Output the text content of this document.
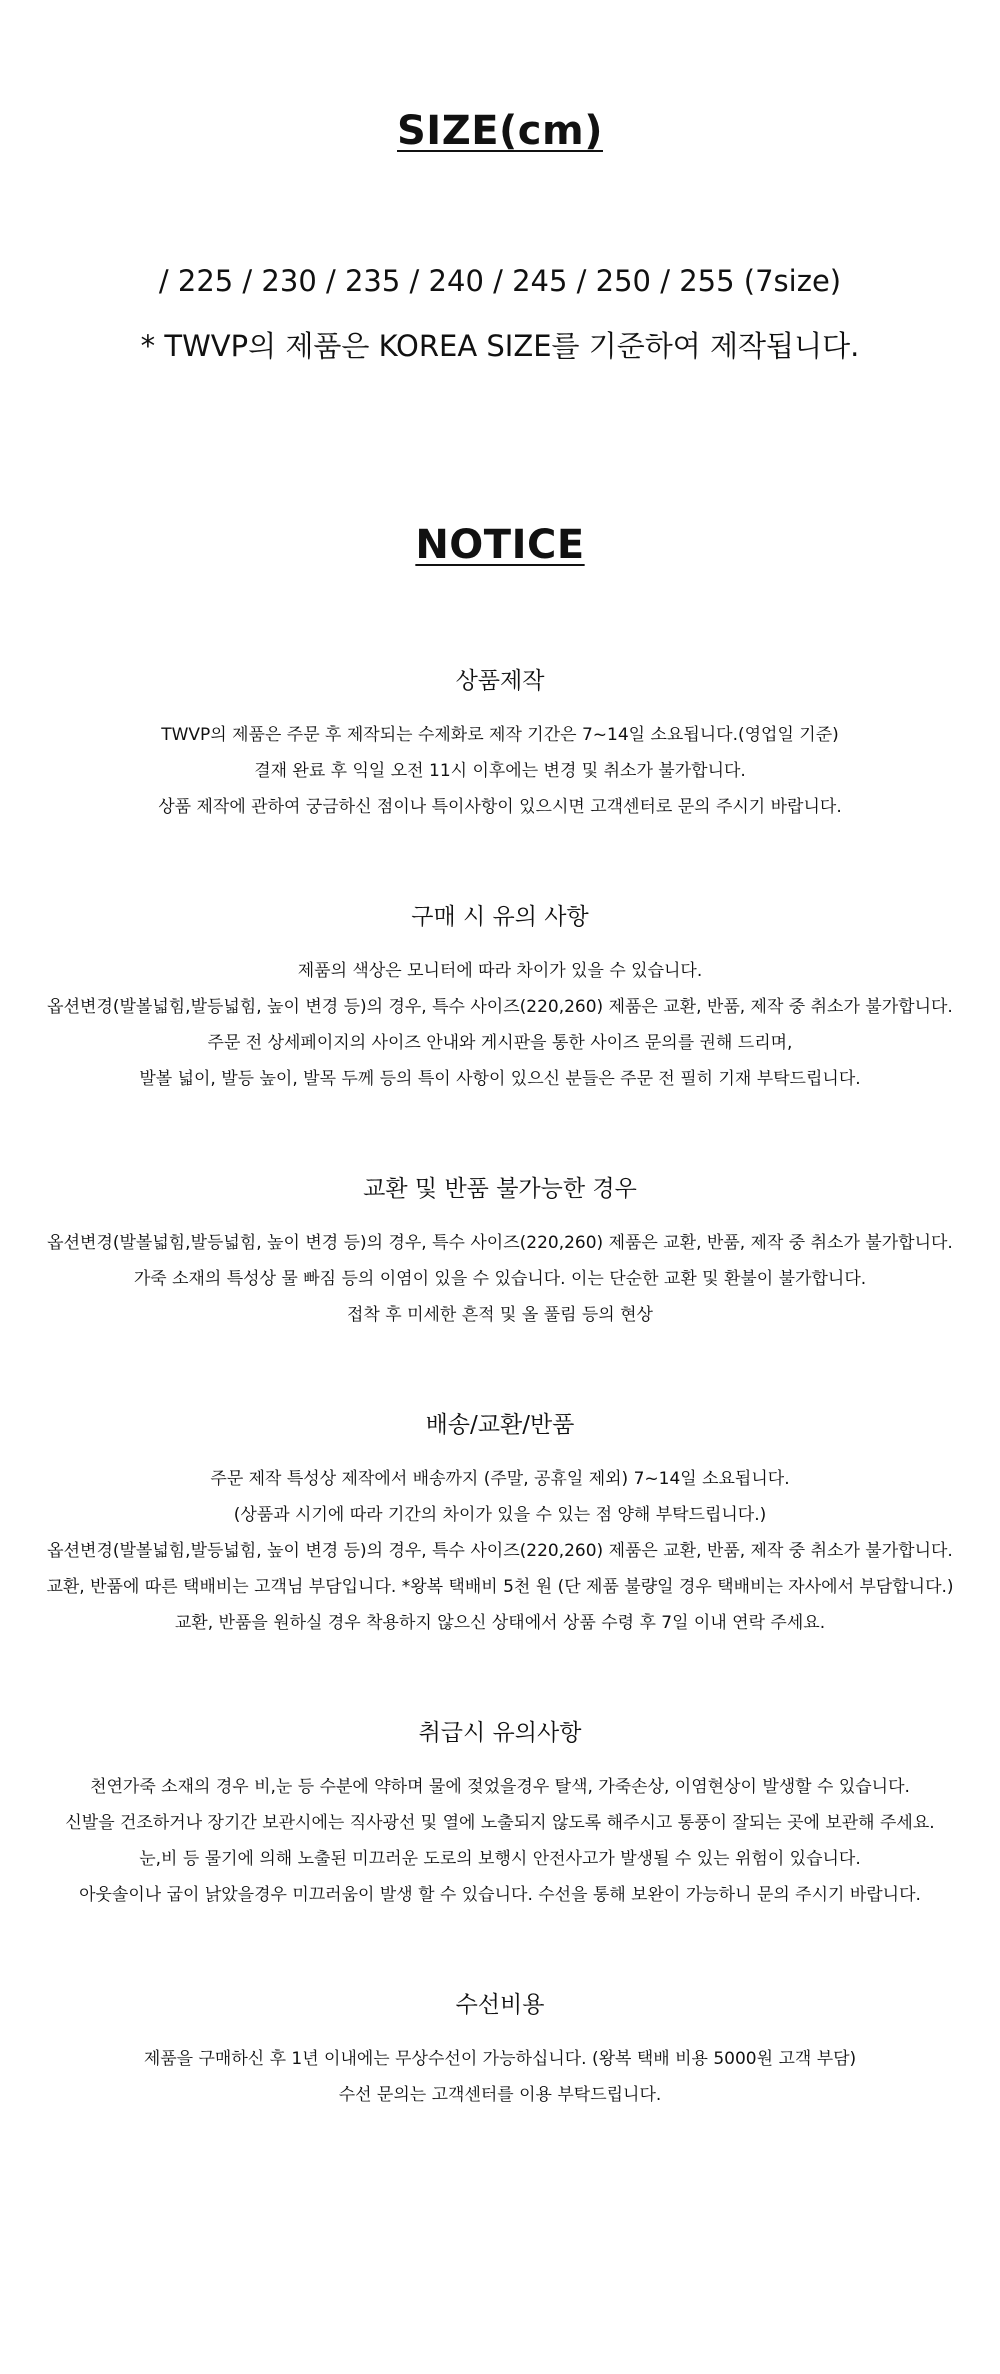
SIZE(cm)
/ 225 / 230 / 235 / 240 / 245 / 250 / 255 (7size)
* TWVP의 제품은 KOREA SIZE를 기준하여 제작됩니다.
NOTICE
상품제작
TWVP의 제품은 주문 후 제작되는 수제화로 제작 기간은 7~14일 소요됩니다.(영업일 기준)
결재 완료 후 익일 오전 11시 이후에는 변경 및 취소가 불가합니다.
상품 제작에 관하여 궁금하신 점이나 특이사항이 있으시면 고객센터로 문의 주시기 바랍니다.
구매 시 유의 사항
제품의 색상은 모니터에 따라 차이가 있을 수 있습니다.
옵션변경(발볼넓힘,발등넓힘, 높이 변경 등)의 경우, 특수 사이즈(220,260) 제품은 교환, 반품, 제작 중 취소가 불가합니다.
주문 전 상세페이지의 사이즈 안내와 게시판을 통한 사이즈 문의를 권해 드리며,
발볼 넓이, 발등 높이, 발목 두께 등의 특이 사항이 있으신 분들은 주문 전 필히 기재 부탁드립니다.
교환 및 반품 불가능한 경우
옵션변경(발볼넓힘,발등넓힘, 높이 변경 등)의 경우, 특수 사이즈(220,260) 제품은 교환, 반품, 제작 중 취소가 불가합니다.
가죽 소재의 특성상 물 빠짐 등의 이염이 있을 수 있습니다. 이는 단순한 교환 및 환불이 불가합니다.
접착 후 미세한 흔적 및 올 풀림 등의 현상
배송/교환/반품
주문 제작 특성상 제작에서 배송까지 (주말, 공휴일 제외) 7~14일 소요됩니다.
(상품과 시기에 따라 기간의 차이가 있을 수 있는 점 양해 부탁드립니다.)
옵션변경(발볼넓힘,발등넓힘, 높이 변경 등)의 경우, 특수 사이즈(220,260) 제품은 교환, 반품, 제작 중 취소가 불가합니다.
교환, 반품에 따른 택배비는 고객님 부담입니다. *왕복 택배비 5천 원 (단 제품 불량일 경우 택배비는 자사에서 부담합니다.)
교환, 반품을 원하실 경우 착용하지 않으신 상태에서 상품 수령 후 7일 이내 연락 주세요.
취급시 유의사항
천연가죽 소재의 경우 비,눈 등 수분에 약하며 물에 젖었을경우 탈색, 가죽손상, 이염현상이 발생할 수 있습니다.
신발을 건조하거나 장기간 보관시에는 직사광선 및 열에 노출되지 않도록 해주시고 통풍이 잘되는 곳에 보관해 주세요.
눈,비 등 물기에 의해 노출된 미끄러운 도로의 보행시 안전사고가 발생될 수 있는 위험이 있습니다.
아웃솔이나 굽이 낡았을경우 미끄러움이 발생 할 수 있습니다. 수선을 통해 보완이 가능하니 문의 주시기 바랍니다.
수선비용
제품을 구매하신 후 1년 이내에는 무상수선이 가능하십니다. (왕복 택배 비용 5000원 고객 부담)
수선 문의는 고객센터를 이용 부탁드립니다.
